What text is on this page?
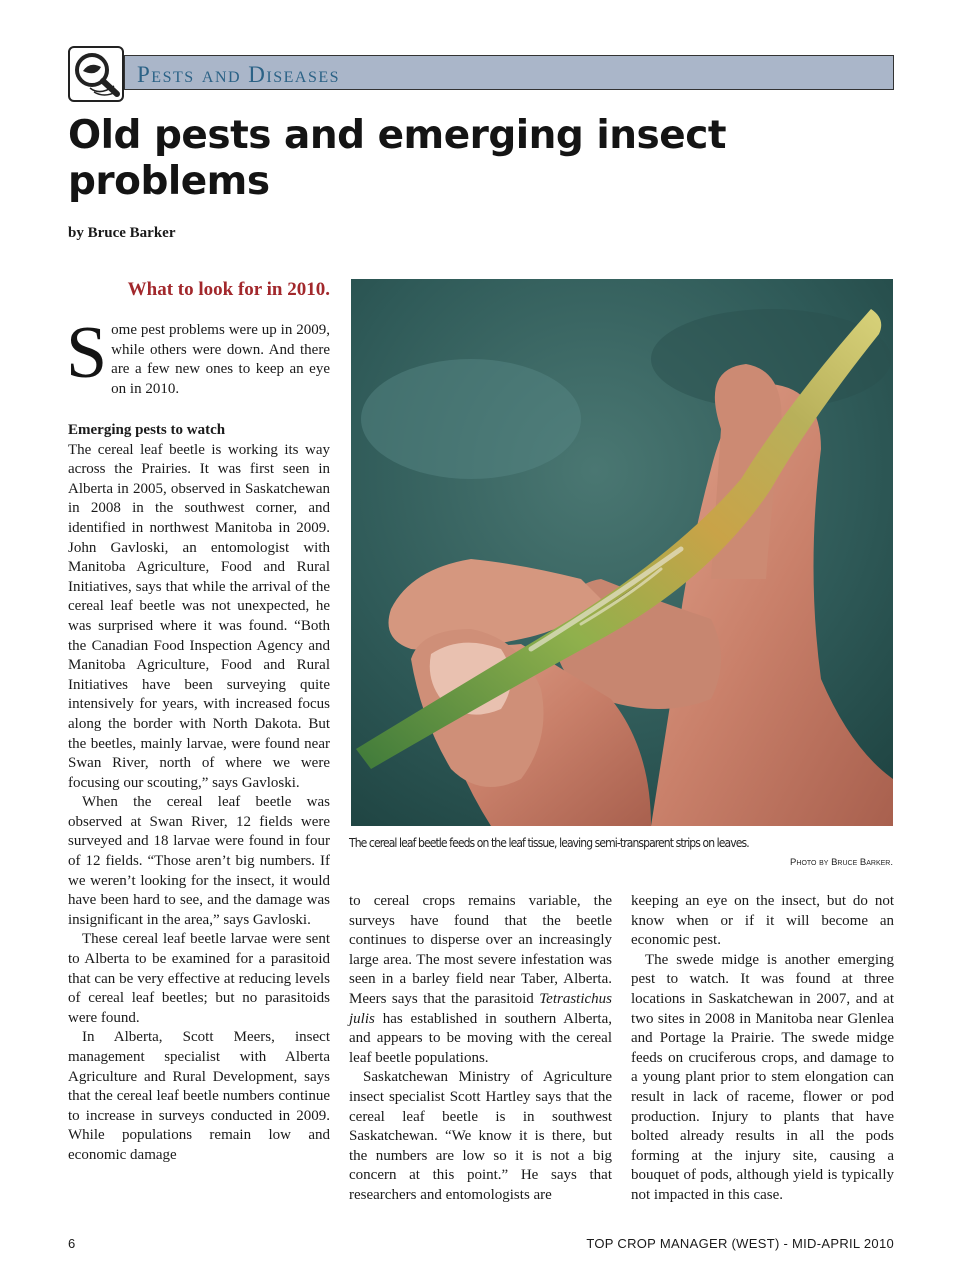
Pests and Diseases
Old pests and emerging insect problems
by Bruce Barker
What to look for in 2010.
S ome pest problems were up in 2009, while others were down. And there are a few new ones to keep an eye on in 2010.

Emerging pests to watch

The cereal leaf beetle is working its way across the Prairies. It was first seen in Alberta in 2005, observed in Saskatchewan in 2008 in the southwest corner, and identified in northwest Manitoba in 2009. John Gavloski, an entomologist with Manitoba Agriculture, Food and Rural Initiatives, says that while the arrival of the cereal leaf beetle was not unexpected, he was surprised where it was found. “Both the Canadian Food Inspection Agency and Manitoba Agriculture, Food and Rural Initiatives have been surveying quite intensively for years, with increased focus along the border with North Dakota. But the beetles, mainly larvae, were found near Swan River, north of where we were focusing our scouting,” says Gavloski.

When the cereal leaf beetle was observed at Swan River, 12 fields were surveyed and 18 larvae were found in four of 12 fields. “Those aren’t big numbers. If we weren’t looking for the insect, it would have been hard to see, and the damage was insignificant in the area,” says Gavloski.

These cereal leaf beetle larvae were sent to Alberta to be examined for a parasitoid that can be very effective at reducing levels of cereal leaf beetles; but no parasitoids were found.

In Alberta, Scott Meers, insect management specialist with Alberta Agriculture and Rural Development, says that the cereal leaf beetle numbers continue to increase in surveys conducted in 2009. While populations remain low and economic damage

The cereal leaf beetle feeds on the leaf tissue, leaving semi-transparent strips on leaves.
Photo by Bruce Barker.

to cereal crops remains variable, the surveys have found that the beetle continues to disperse over an increasingly large area. The most severe infestation was seen in a barley field near Taber, Alberta. Meers says that the parasitoid Tetrastichus julis has established in southern Alberta, and appears to be moving with the cereal leaf beetle populations.

Saskatchewan Ministry of Agriculture insect specialist Scott Hartley says that the cereal leaf beetle is in southwest Saskatchewan. “We know it is there, but the numbers are low so it is not a big concern at this point.” He says that researchers and entomologists are

keeping an eye on the insect, but do not know when or if it will become an economic pest.

The swede midge is another emerging pest to watch. It was found at three locations in Saskatchewan in 2007, and at two sites in 2008 in Manitoba near Glenlea and Portage la Prairie. The swede midge feeds on cruciferous crops, and damage to a young plant prior to stem elongation can result in lack of raceme, flower or pod production. Injury to plants that have bolted already results in all the pods forming at the injury site, causing a bouquet of pods, although yield is typically not impacted in this case.

6	TOP CROP MANAGER (WEST) - MID-APRIL 2010
